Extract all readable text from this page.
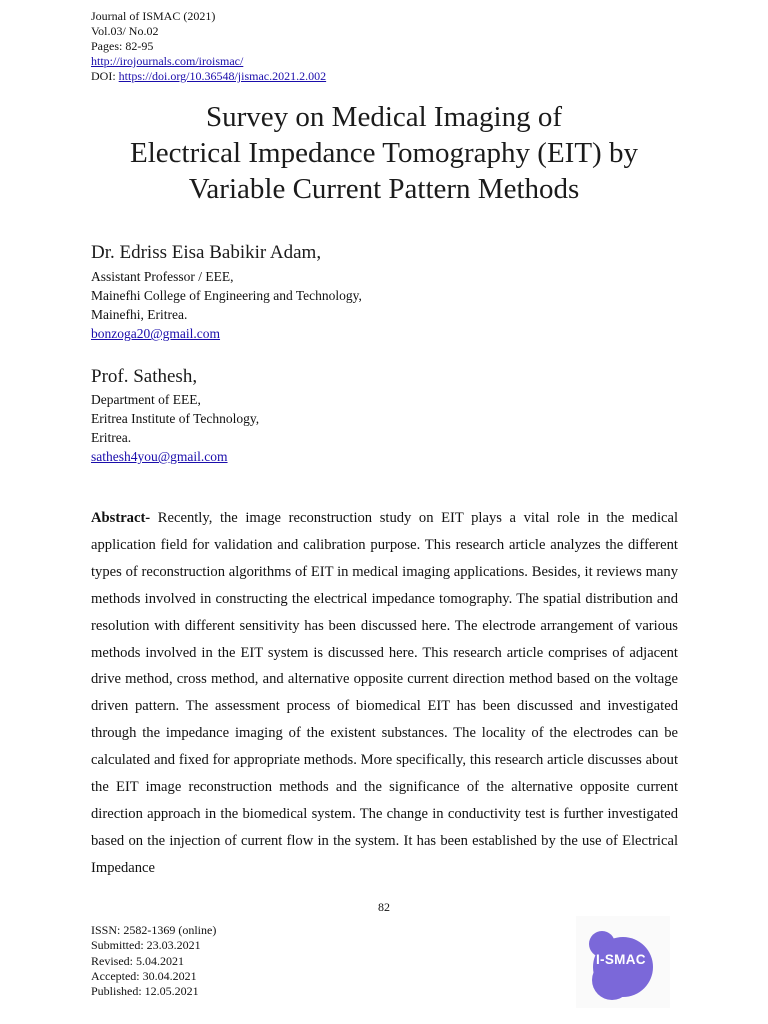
Journal of ISMAC (2021)
Vol.03/ No.02
Pages: 82-95
http://irojournals.com/iroismac/
DOI: https://doi.org/10.36548/jismac.2021.2.002
Survey on Medical Imaging of
Electrical Impedance Tomography (EIT) by
Variable Current Pattern Methods
Dr. Edriss Eisa Babikir Adam,
Assistant Professor / EEE,
Mainefhi College of Engineering and Technology,
Mainefhi, Eritrea.
bonzoga20@gmail.com
Prof. Sathesh,
Department of EEE,
Eritrea Institute of Technology,
Eritrea.
sathesh4you@gmail.com
Abstract- Recently, the image reconstruction study on EIT plays a vital role in the medical application field for validation and calibration purpose. This research article analyzes the different types of reconstruction algorithms of EIT in medical imaging applications. Besides, it reviews many methods involved in constructing the electrical impedance tomography. The spatial distribution and resolution with different sensitivity has been discussed here. The electrode arrangement of various methods involved in the EIT system is discussed here. This research article comprises of adjacent drive method, cross method, and alternative opposite current direction method based on the voltage driven pattern. The assessment process of biomedical EIT has been discussed and investigated through the impedance imaging of the existent substances. The locality of the electrodes can be calculated and fixed for appropriate methods. More specifically, this research article discusses about the EIT image reconstruction methods and the significance of the alternative opposite current direction approach in the biomedical system. The change in conductivity test is further investigated based on the injection of current flow in the system. It has been established by the use of Electrical Impedance
82
ISSN: 2582-1369 (online)
Submitted: 23.03.2021
Revised: 5.04.2021
Accepted: 30.04.2021
Published: 12.05.2021
I-SMAC
